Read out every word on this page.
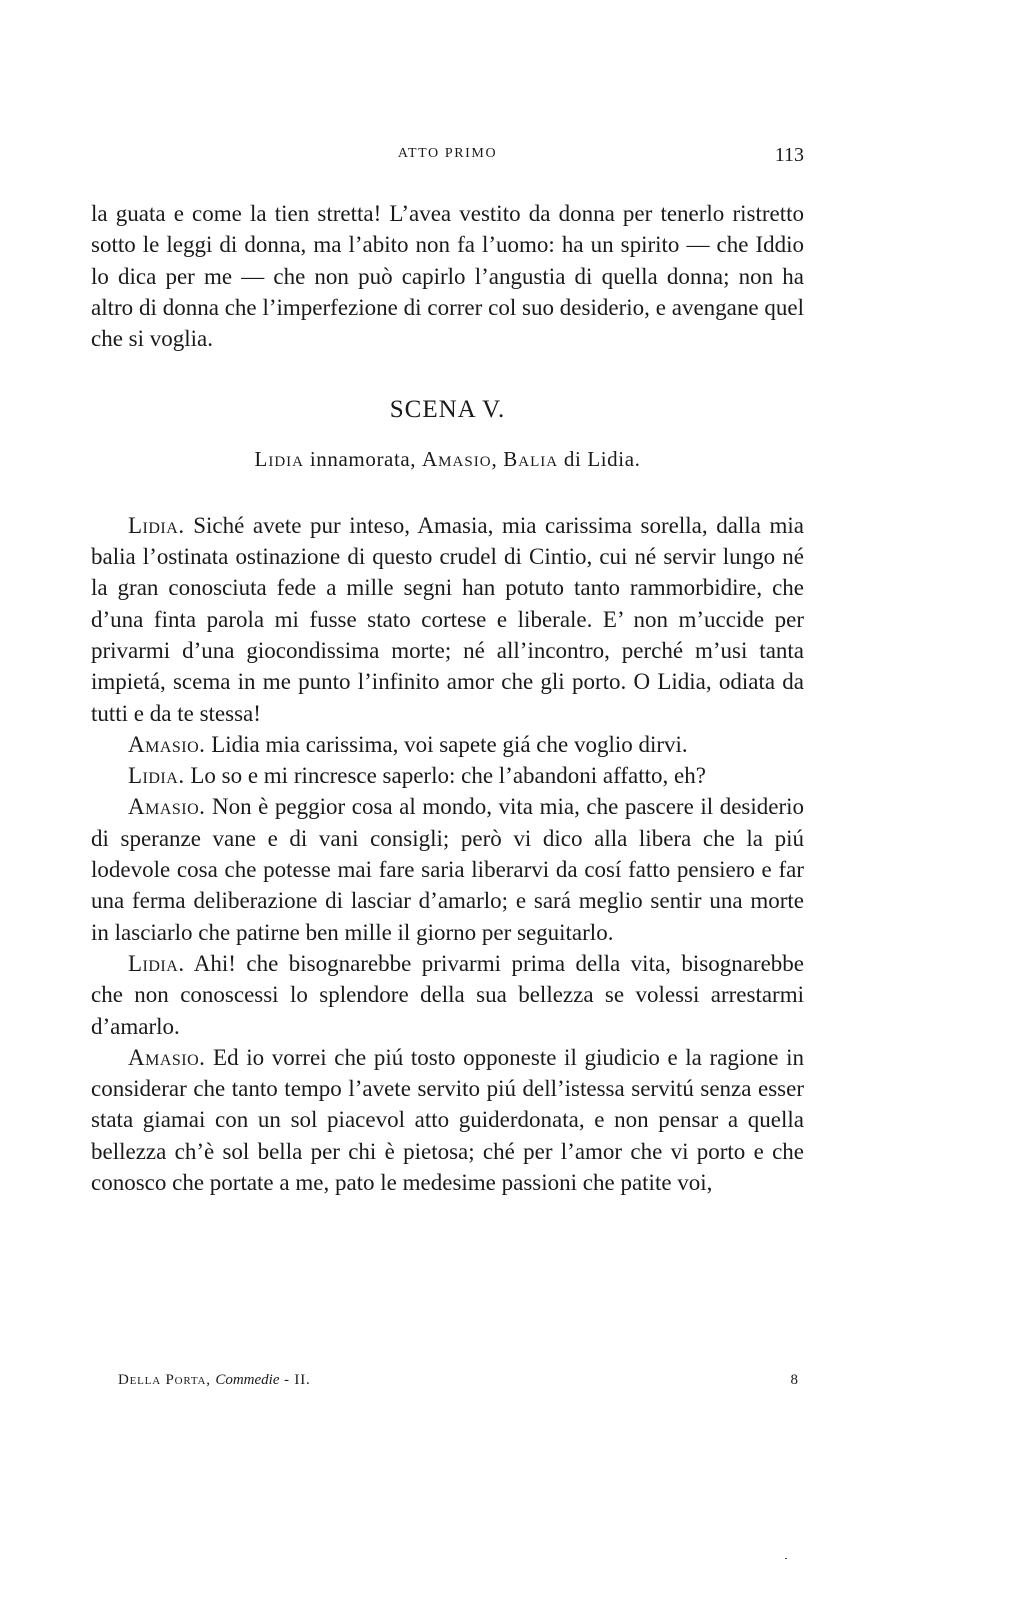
ATTO PRIMO	113

la guata e come la tien stretta! L’avea vestito da donna per tenerlo ristretto sotto le leggi di donna, ma l’abito non fa l’uomo: ha un spirito — che Iddio lo dica per me — che non può capirlo l’angustia di quella donna; non ha altro di donna che l’imperfezione di correr col suo desiderio, e avengane quel che si voglia.

SCENA V.
Lidia innamorata, Amasio, Balia di Lidia.

Lidia. Siché avete pur inteso, Amasia, mia carissima sorella, dalla mia balia l’ostinata ostinazione di questo crudel di Cintio, cui né servir lungo né la gran conosciuta fede a mille segni han potuto tanto rammorbidire, che d’una finta parola mi fusse stato cortese e liberale. E’ non m’uccide per privarmi d’una giocondissima morte; né all’incontro, perché m’usi tanta impietá, scema in me punto l’infinito amor che gli porto. O Lidia, odiata da tutti e da te stessa!

Amasio. Lidia mia carissima, voi sapete giá che voglio dirvi.

Lidia. Lo so e mi rincresce saperlo: che l’abandoni affatto, eh?

Amasio. Non è peggior cosa al mondo, vita mia, che pascere il desiderio di speranze vane e di vani consigli; però vi dico alla libera che la piú lodevole cosa che potesse mai fare saria liberarvi da cosí fatto pensiero e far una ferma deliberazione di lasciar d’amarlo; e sará meglio sentir una morte in lasciarlo che patirne ben mille il giorno per seguitarlo.

Lidia. Ahi! che bisognarebbe privarmi prima della vita, bisognarebbe che non conoscessi lo splendore della sua bellezza se volessi arrestarmi d’amarlo.

Amasio. Ed io vorrei che piú tosto opponeste il giudicio e la ragione in considerar che tanto tempo l’avete servito piú dell’istessa servitú senza esser stata giamai con un sol piacevol atto guiderdonata, e non pensar a quella bellezza ch’è sol bella per chi è pietosa; ché per l’amor che vi porto e che conosco che portate a me, pato le medesime passioni che patite voi,

Della Porta, Commedie - II.	8
